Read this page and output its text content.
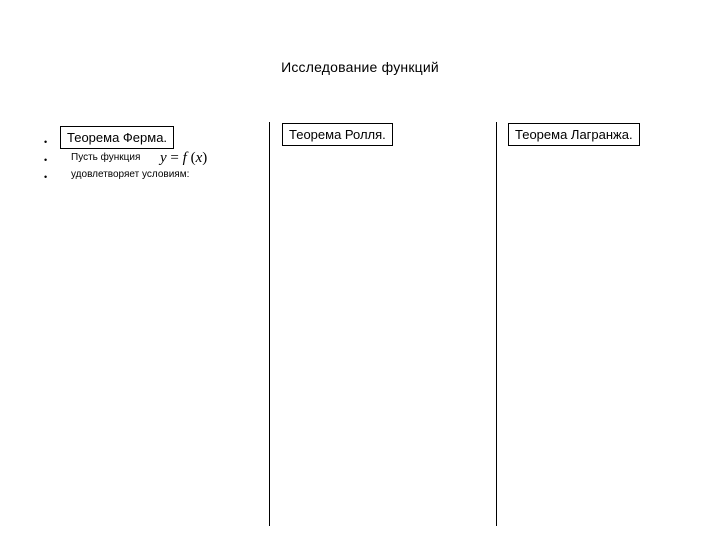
Исследование функций
•
•
•
Теорема Ферма.
Пусть функция
удовлетворяет условиям:
y = f (x)
Теорема Ролля.	Теорема Лагранжа.
